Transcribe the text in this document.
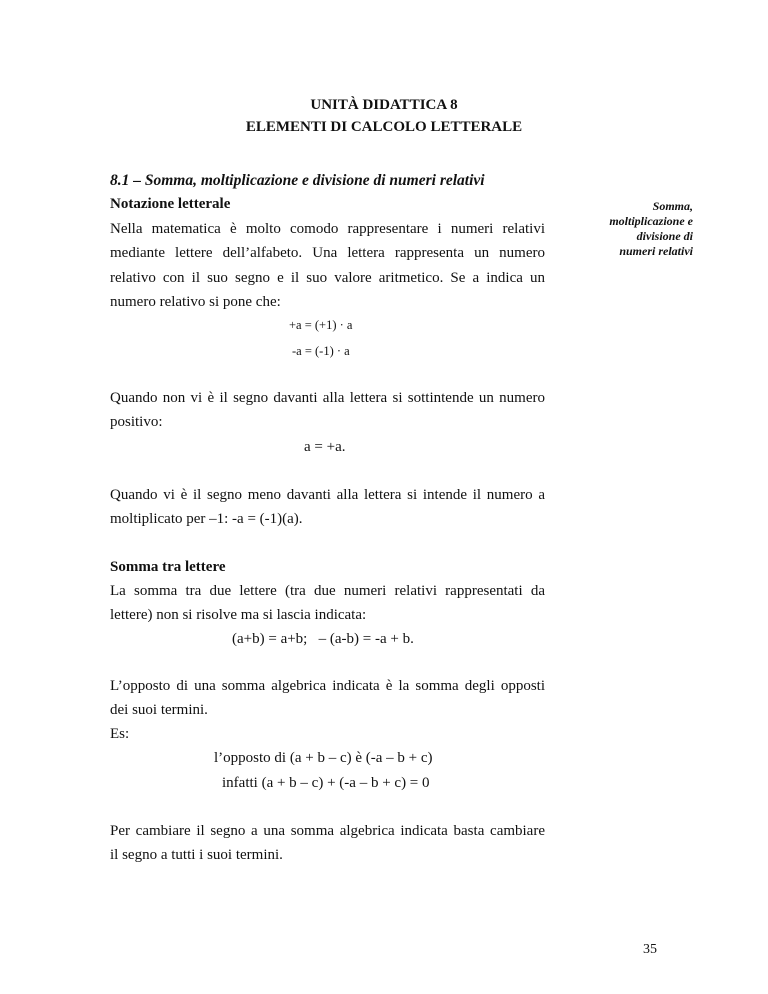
UNITÀ DIDATTICA 8
ELEMENTI DI CALCOLO LETTERALE
8.1 – Somma, moltiplicazione e divisione di numeri relativi
Somma,
moltiplicazione e
divisione di
numeri relativi
Notazione letterale
Nella matematica è molto comodo rappresentare i numeri relativi
mediante lettere dell’alfabeto. Una lettera rappresenta un numero
relativo con il suo segno e il suo valore aritmetico. Se a indica un
numero relativo si pone che:
+a = (+1) · a
-a = (-1) · a
Quando non vi è il segno davanti alla lettera si sottintende un numero
positivo:
a = +a.
Quando vi è il segno meno davanti alla lettera si intende il numero a
moltiplicato per –1: -a = (-1)(a).
Somma tra lettere
La somma tra due lettere (tra due numeri relativi rappresentati da
lettere) non si risolve ma si lascia indicata:
(a+b) = a+b;   – (a-b) = -a + b.
L’opposto di una somma algebrica indicata è la somma degli opposti
dei suoi termini.
Es:
l’opposto di (a + b – c) è (-a – b + c)
infatti (a + b – c) + (-a – b + c) = 0
Per cambiare il segno a una somma algebrica indicata basta cambiare
il segno a tutti i suoi termini.
35
